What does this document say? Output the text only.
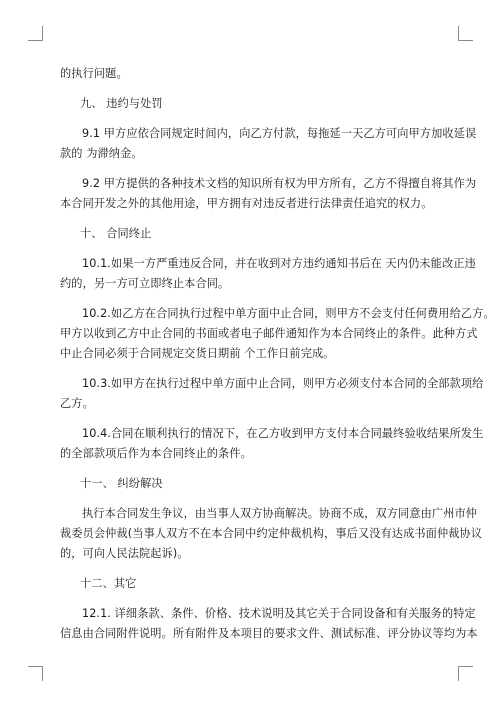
的执行问题。
九、 违约与处罚
9.1 甲方应依合同规定时间内，向乙方付款，每拖延一天乙方可向甲方加收延误
款的 为滞纳金。
9.2 甲方提供的各种技术文档的知识所有权为甲方所有，乙方不得擅自将其作为
本合同开发之外的其他用途，甲方拥有对违反者进行法律责任追究的权力。
十、 合同终止
10.1.如果一方严重违反合同，并在收到对方违约通知书后在 天内仍未能改正违
约的，另一方可立即终止本合同。
10.2.如乙方在合同执行过程中单方面中止合同，则甲方不会支付任何费用给乙方。
甲方以收到乙方中止合同的书面或者电子邮件通知作为本合同终止的条件。此种方式
中止合同必须于合同规定交货日期前 个工作日前完成。
10.3.如甲方在执行过程中单方面中止合同，则甲方必须支付本合同的全部款项给
乙方。
10.4.合同在顺利执行的情况下，在乙方收到甲方支付本合同最终验收结果所发生
的全部款项后作为本合同终止的条件。
十一、 纠纷解决
执行本合同发生争议，由当事人双方协商解决。协商不成，双方同意由广州市仲
裁委员会仲裁(当事人双方不在本合同中约定仲裁机构，事后又没有达成书面仲裁协议
的，可向人民法院起诉)。
十二、其它
12.1. 详细条款、条件、价格、技术说明及其它关于合同设备和有关服务的特定
信息由合同附件说明。所有附件及本项目的要求文件、测试标准、评分协议等均为本
